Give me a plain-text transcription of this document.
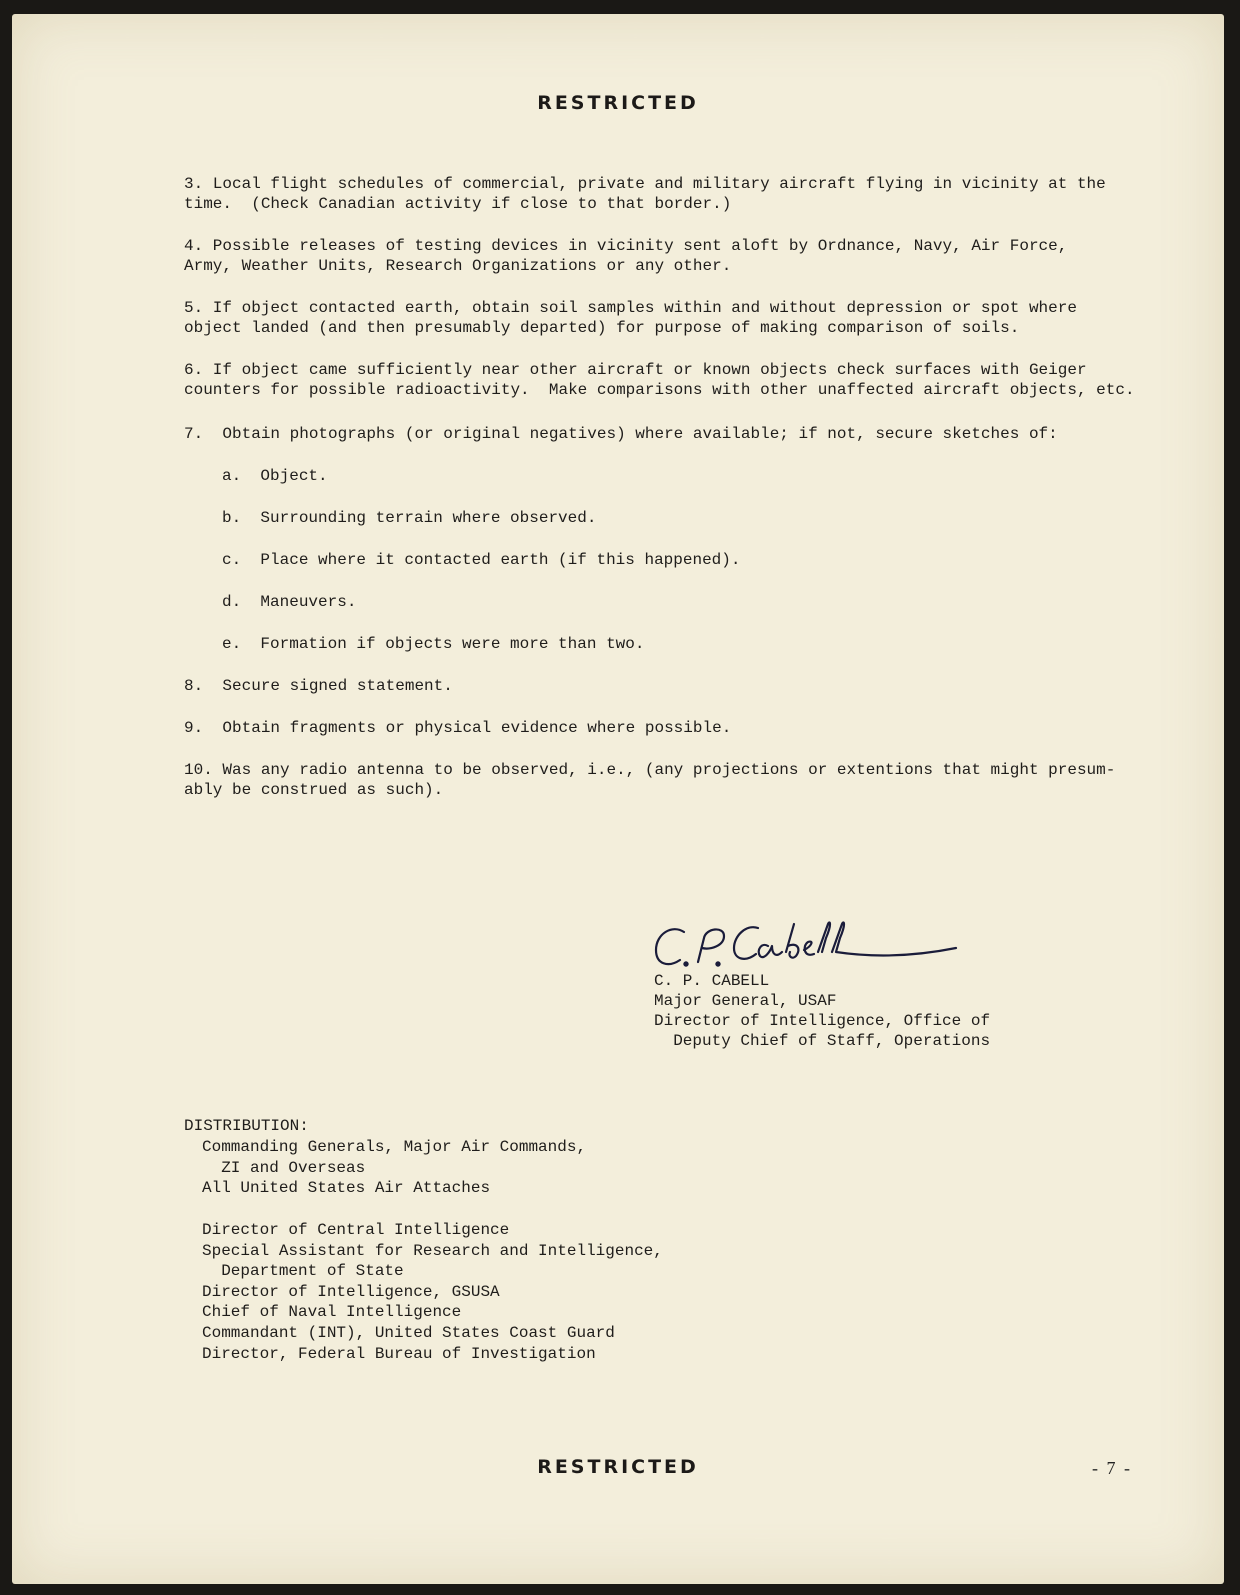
RESTRICTED
3. Local flight schedules of commercial, private and military aircraft flying in vicinity at the
time.  (Check Canadian activity if close to that border.)
4. Possible releases of testing devices in vicinity sent aloft by Ordnance, Navy, Air Force,
Army, Weather Units, Research Organizations or any other.
5. If object contacted earth, obtain soil samples within and without depression or spot where
object landed (and then presumably departed) for purpose of making comparison of soils.
6. If object came sufficiently near other aircraft or known objects check surfaces with Geiger
counters for possible radioactivity.  Make comparisons with other unaffected aircraft objects, etc.
7.  Obtain photographs (or original negatives) where available; if not, secure sketches of:
a.  Object.
b.  Surrounding terrain where observed.
c.  Place where it contacted earth (if this happened).
d.  Maneuvers.
e.  Formation if objects were more than two.
8.  Secure signed statement.
9.  Obtain fragments or physical evidence where possible.
10. Was any radio antenna to be observed, i.e., (any projections or extentions that might presum-
ably be construed as such).
C. P. CABELL
Major General, USAF
Director of Intelligence, Office of
Deputy Chief of Staff, Operations
DISTRIBUTION:
Commanding Generals, Major Air Commands,
ZI and Overseas
All United States Air Attaches
Director of Central Intelligence
Special Assistant for Research and Intelligence,
Department of State
Director of Intelligence, GSUSA
Chief of Naval Intelligence
Commandant (INT), United States Coast Guard
Director, Federal Bureau of Investigation
RESTRICTED	- 7 -
